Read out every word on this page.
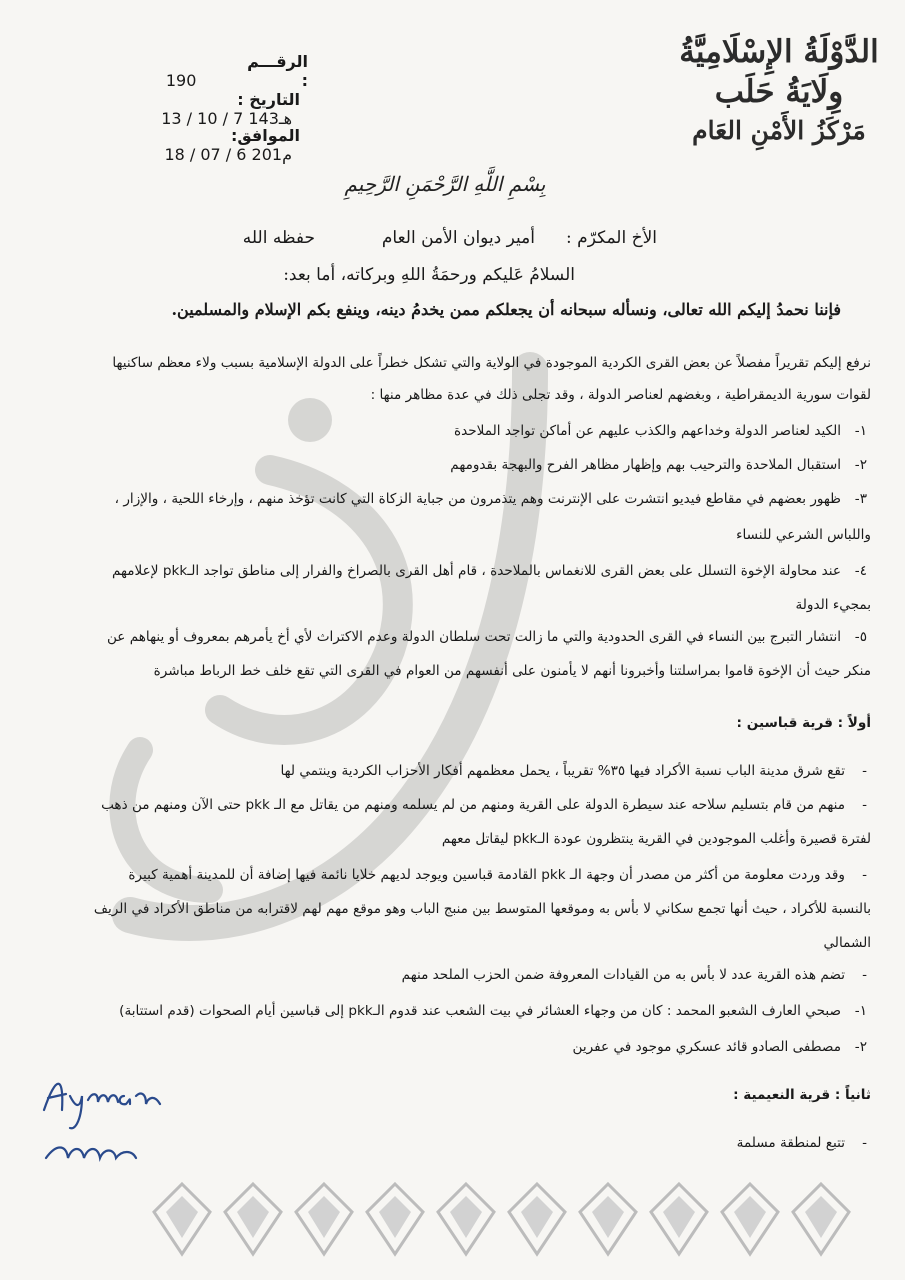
الدَّوْلَةُ الإِسْلَامِيَّةُ
وِلَايَةُ حَلَب
مَرْكَزُ الأَمْنِ العَام
الرقـــم : 190
التاريخ : 13 / 10 / 7 143هـ
الموافق: 18 / 07 / 6 201م
بِسْمِ اللَّهِ الرَّحْمَنِ الرَّحِيمِ
الأخ المكرّم :
أمير ديوان الأمن العام
حفظه الله
السلامُ عَليكم ورحمَةُ اللهِ وبركاته، أما بعد:
فإننا نحمدُ إليكم الله تعالى، ونسأله سبحانه أن يجعلكم ممن يخدمُ دينه، وينفع بكم الإسلام والمسلمين.
نرفع إليكم تقريراً مفصلاً عن بعض القرى الكردية الموجودة في الولاية والتي تشكل خطراً على الدولة الإسلامية بسبب ولاء معظم ساكنيها
لقوات سورية الديمقراطية ، وبغضهم لعناصر الدولة ، وقد تجلى ذلك في عدة مظاهر منها :
١-الكيد لعناصر الدولة وخداعهم والكذب عليهم عن أماكن تواجد الملاحدة
٢-استقبال الملاحدة والترحيب بهم وإظهار مظاهر الفرح والبهجة بقدومهم
٣-ظهور بعضهم في مقاطع فيديو انتشرت على الإنترنت وهم يتذمرون من جباية الزكاة التي كانت تؤخذ منهم ، وإرخاء اللحية ، والإزار ،
واللباس الشرعي للنساء
٤-عند محاولة الإخوة التسلل على بعض القرى للانغماس بالملاحدة ، قام أهل القرى بالصراخ والفرار إلى مناطق تواجد الـpkk لإعلامهم
بمجيء الدولة
٥-انتشار التبرج بين النساء في القرى الحدودية والتي ما زالت تحت سلطان الدولة وعدم الاكتراث لأي أخ يأمرهم بمعروف أو ينهاهم عن
منكر حيث أن الإخوة قاموا بمراسلتنا وأخبرونا أنهم لا يأمنون على أنفسهم من العوام في القرى التي تقع خلف خط الرباط مباشرة
أولاً : قرية قباسين :
-تقع شرق مدينة الباب نسبة الأكراد فيها ٣٥% تقريباً ، يحمل معظمهم أفكار الأحزاب الكردية وينتمي لها
-منهم من قام بتسليم سلاحه عند سيطرة الدولة على القرية ومنهم من لم يسلمه ومنهم من يقاتل مع الـ pkk حتى الآن ومنهم من ذهب
لفترة قصيرة وأغلب الموجودين في القرية ينتظرون عودة الـpkk ليقاتل معهم
-وقد وردت معلومة من أكثر من مصدر أن وجهة الـ pkk القادمة قباسين ويوجد لديهم خلايا نائمة فيها إضافة أن للمدينة أهمية كبيرة
بالنسبة للأكراد ، حيث أنها تجمع سكاني لا بأس به وموقعها المتوسط بين منبج الباب وهو موقع مهم لهم لاقترابه من مناطق الأكراد في الريف
الشمالي
-تضم هذه القرية عدد لا بأس به من القيادات المعروفة ضمن الحزب الملحد منهم
١-صبحي العارف الشعبو المحمد : كان من وجهاء العشائر في بيت الشعب عند قدوم الـpkk إلى قباسين أيام الصحوات (قدم استتابة)
٢-مصطفى الصادو قائد عسكري موجود في عفرين
ثانياً : قرية النعيمية :
-تتبع لمنطقة مسلمة
